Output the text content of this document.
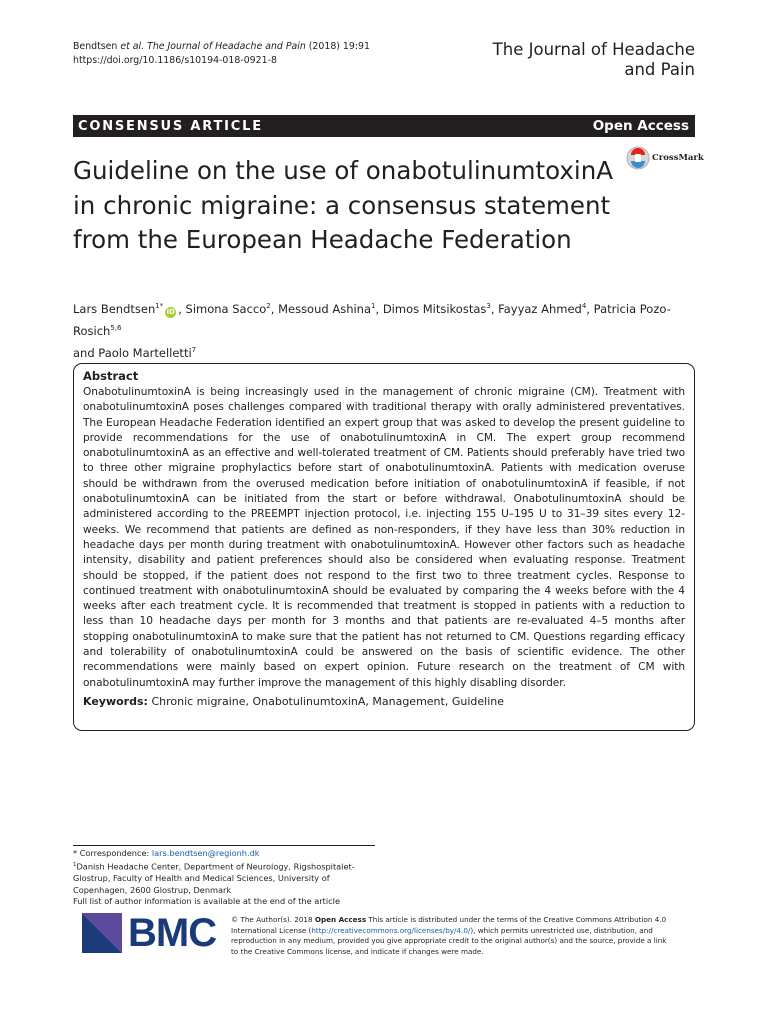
Bendtsen et al. The Journal of Headache and Pain (2018) 19:91
https://doi.org/10.1186/s10194-018-0921-8
The Journal of Headache
and Pain
CONSENSUS ARTICLE	Open Access
CrossMark
Guideline on the use of onabotulinumtoxinA in chronic migraine: a consensus statement from the European Headache Federation
Lars Bendtsen$^{1*}$iD , Simona Sacco$^2$, Messoud Ashina$^1$, Dimos Mitsikostas$^3$, Fayyaz Ahmed$^4$, Patricia Pozo-Rosich$^{5,6}$
and Paolo Martelletti$^7$
Abstract
OnabotulinumtoxinA is being increasingly used in the management of chronic migraine (CM). Treatment with onabotulinumtoxinA poses challenges compared with traditional therapy with orally administered preventatives. The European Headache Federation identified an expert group that was asked to develop the present guideline to provide recommendations for the use of onabotulinumtoxinA in CM. The expert group recommend onabotulinumtoxinA as an effective and well-tolerated treatment of CM. Patients should preferably have tried two to three other migraine prophylactics before start of onabotulinumtoxinA. Patients with medication overuse should be withdrawn from the overused medication before initiation of onabotulinumtoxinA if feasible, if not onabotulinumtoxinA can be initiated from the start or before withdrawal. OnabotulinumtoxinA should be administered according to the PREEMPT injection protocol, i.e. injecting 155 U–195 U to 31–39 sites every 12-weeks. We recommend that patients are defined as non-responders, if they have less than 30% reduction in headache days per month during treatment with onabotulinumtoxinA. However other factors such as headache intensity, disability and patient preferences should also be considered when evaluating response. Treatment should be stopped, if the patient does not respond to the first two to three treatment cycles. Response to continued treatment with onabotulinumtoxinA should be evaluated by comparing the 4 weeks before with the 4 weeks after each treatment cycle. It is recommended that treatment is stopped in patients with a reduction to less than 10 headache days per month for 3 months and that patients are re-evaluated 4–5 months after stopping onabotulinumtoxinA to make sure that the patient has not returned to CM. Questions regarding efficacy and tolerability of onabotulinumtoxinA could be answered on the basis of scientific evidence. The other recommendations were mainly based on expert opinion. Future research on the treatment of CM with onabotulinumtoxinA may further improve the management of this highly disabling disorder.
Keywords: Chronic migraine, OnabotulinumtoxinA, Management, Guideline
* Correspondence: lars.bendtsen@regionh.dk
$^1$Danish Headache Center, Department of Neurology, Rigshospitalet-Glostrup, Faculty of Health and Medical Sciences, University of Copenhagen, 2600 Glostrup, Denmark
Full list of author information is available at the end of the article
BMC © The Author(s). 2018 Open Access This article is distributed under the terms of the Creative Commons Attribution 4.0 International License (http://creativecommons.org/licenses/by/4.0/), which permits unrestricted use, distribution, and reproduction in any medium, provided you give appropriate credit to the original author(s) and the source, provide a link to the Creative Commons license, and indicate if changes were made.
